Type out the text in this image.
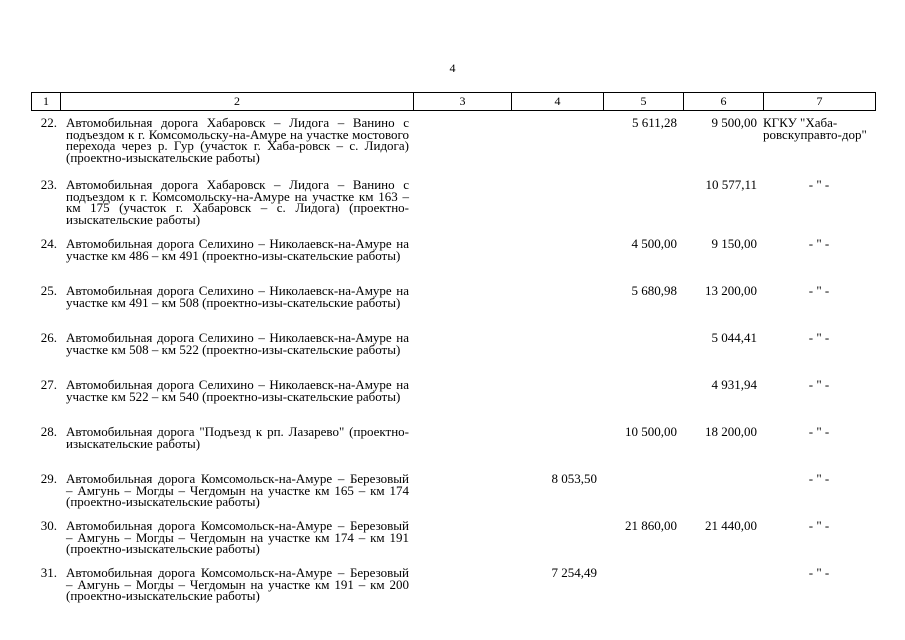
4
1	2	3	4	5	6	7
22.	Автомобильная дорога Хабаровск – Лидога – Ванино с подъездом к г. Комсомольску-на-Амуре на участке мостового перехода через р. Гур (участок г. Хаба-ровск – с. Лидога) (проектно-изыскательские работы)			5 611,28	9 500,00	КГКУ "Хаба-ровскуправто-дор"
23.	Автомобильная дорога Хабаровск – Лидога – Ванино с подъездом к г. Комсомольску-на-Амуре на участке км 163 – км 175 (участок г. Хабаровск – с. Лидога) (проектно-изыскательские работы)				10 577,11	- " -
24.	Автомобильная дорога Селихино – Николаевск-на-Амуре на участке км 486 – км 491 (проектно-изы-скательские работы)			4 500,00	9 150,00	- " -
25.	Автомобильная дорога Селихино – Николаевск-на-Амуре на участке км 491 – км 508 (проектно-изы-скательские работы)			5 680,98	13 200,00	- " -
26.	Автомобильная дорога Селихино – Николаевск-на-Амуре на участке км 508 – км 522 (проектно-изы-скательские работы)				5 044,41	- " -
27.	Автомобильная дорога Селихино – Николаевск-на-Амуре на участке км 522 – км 540 (проектно-изы-скательские работы)				4 931,94	- " -
28.	Автомобильная дорога "Подъезд к рп. Лазарево" (проектно-изыскательские работы)			10 500,00	18 200,00	- " -
29.	Автомобильная дорога Комсомольск-на-Амуре – Березовый – Амгунь – Могды – Чегдомын на участке км 165 – км 174 (проектно-изыскательские работы)		8 053,50			- " -
30.	Автомобильная дорога Комсомольск-на-Амуре – Березовый – Амгунь – Могды – Чегдомын на участке км 174 – км 191 (проектно-изыскательские работы)			21 860,00	21 440,00	- " -
31.	Автомобильная дорога Комсомольск-на-Амуре – Березовый – Амгунь – Могды – Чегдомын на участке км 191 – км 200 (проектно-изыскательские работы)		7 254,49			- " -
